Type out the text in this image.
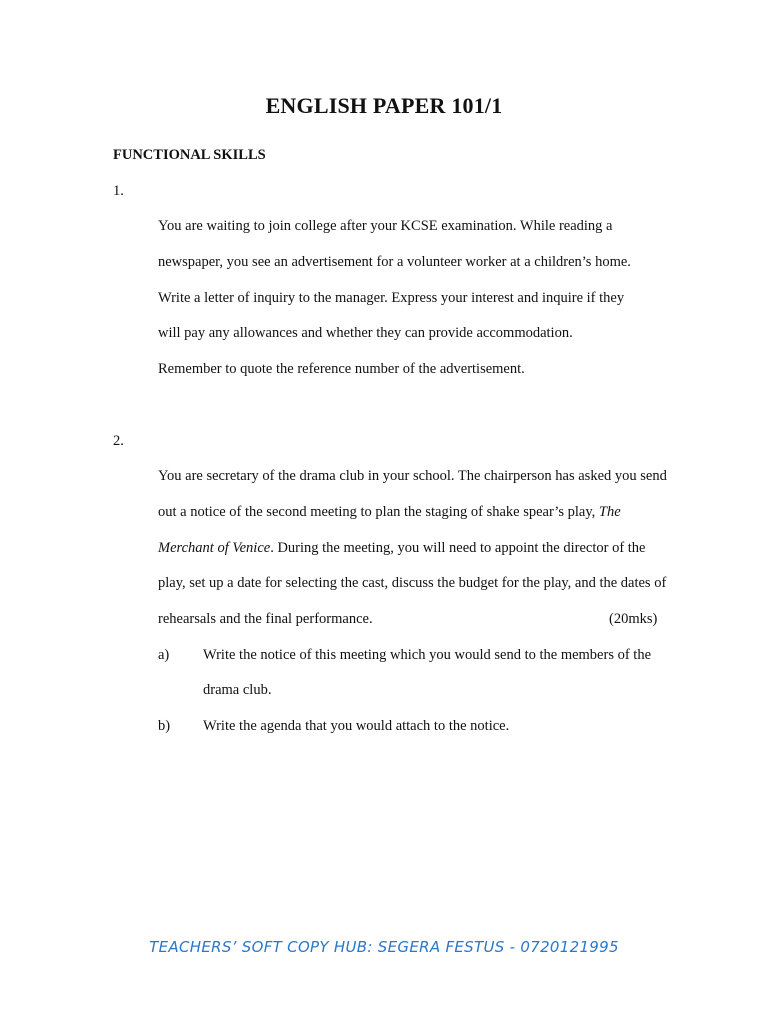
ENGLISH PAPER 101/1
FUNCTIONAL SKILLS
1.
You are waiting to join college after your KCSE examination. While reading a
newspaper, you see an advertisement for a volunteer worker at a children’s home.
Write a letter of inquiry to the manager. Express your interest and inquire if they
will pay any allowances and whether they can provide accommodation.
Remember to quote the reference number of the advertisement.
2.
You are secretary of the drama club in your school. The chairperson has asked you send
out a notice of the second meeting to plan the staging of shake spear’s play, The
Merchant of Venice. During the meeting, you will need to appoint the director of the
play, set up a date for selecting the cast, discuss the budget for the play, and the dates of
rehearsals and the final performance.	(20mks)
a) Write the notice of this meeting which you would send to the members of the
drama club.
b) Write the agenda that you would attach to the notice.
TEACHERS’ SOFT COPY HUB: SEGERA FESTUS - 0720121995
